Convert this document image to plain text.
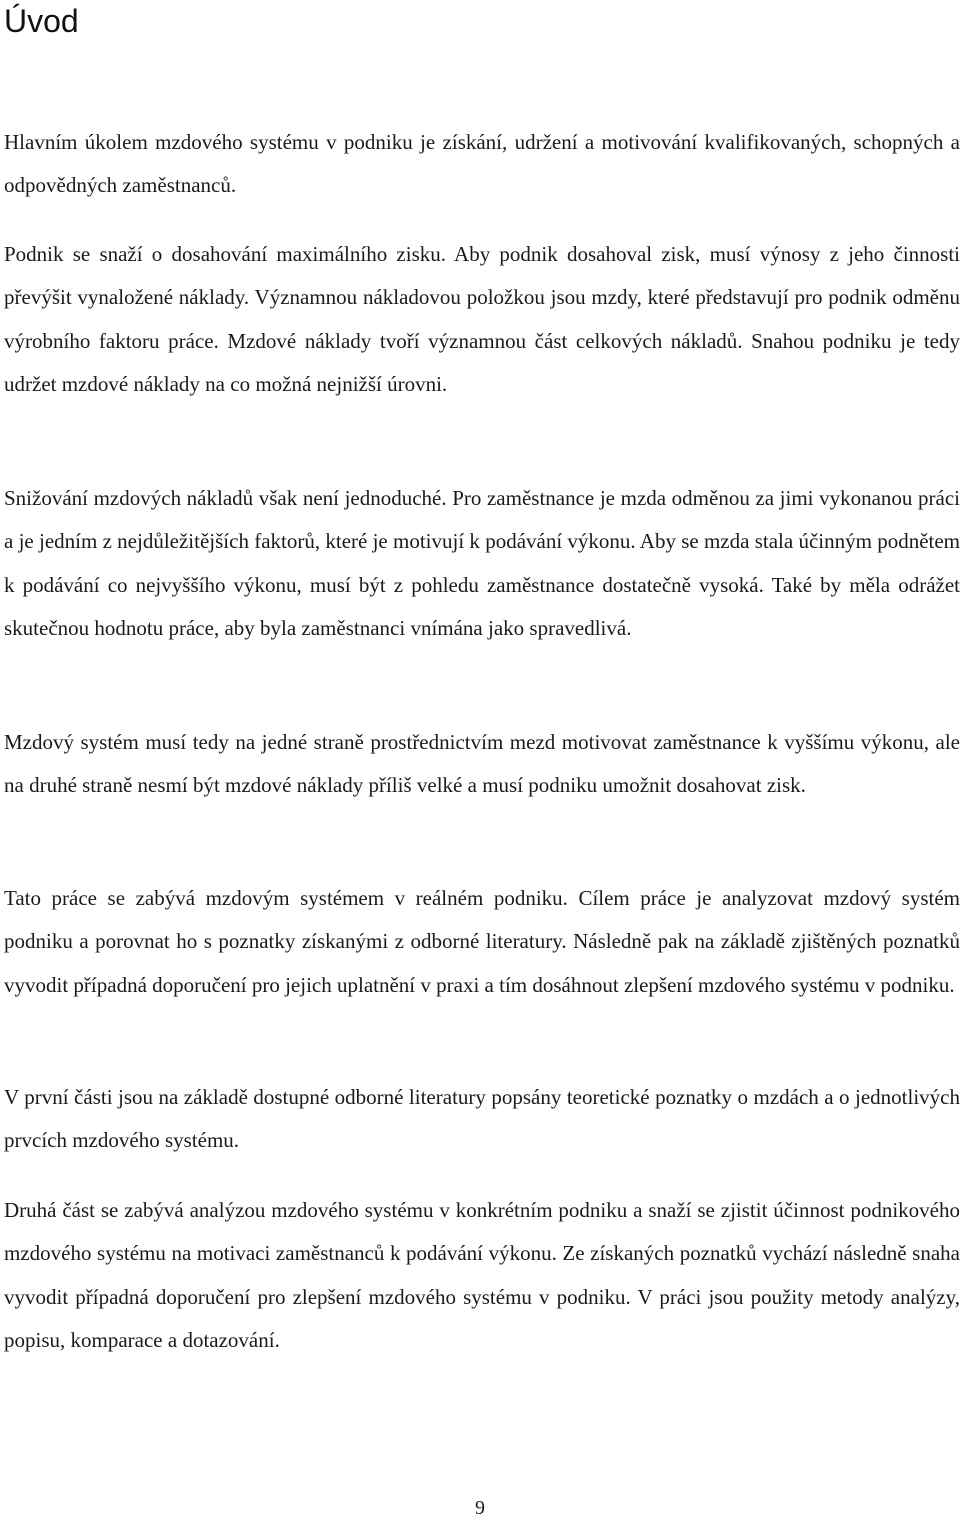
Úvod

Hlavním úkolem mzdového systému v podniku je získání, udržení a motivování kvalifikovaných, schopných a odpovědných zaměstnanců.

Podnik se snaží o dosahování maximálního zisku. Aby podnik dosahoval zisk, musí výnosy z jeho činnosti převýšit vynaložené náklady. Významnou nákladovou položkou jsou mzdy, které představují pro podnik odměnu výrobního faktoru práce. Mzdové náklady tvoří významnou část celkových nákladů. Snahou podniku je tedy udržet mzdové náklady na co možná nejnižší úrovni.

Snižování mzdových nákladů však není jednoduché. Pro zaměstnance je mzda odměnou za jimi vykonanou práci a je jedním z nejdůležitějších faktorů, které je motivují k podávání výkonu. Aby se mzda stala účinným podnětem k podávání co nejvyššího výkonu, musí být z pohledu zaměstnance dostatečně vysoká. Také by měla odrážet skutečnou hodnotu práce, aby byla zaměstnanci vnímána jako spravedlivá.

Mzdový systém musí tedy na jedné straně prostřednictvím mezd motivovat zaměstnance k vyššímu výkonu, ale na druhé straně nesmí být mzdové náklady příliš velké a musí podniku umožnit dosahovat zisk.

Tato práce se zabývá mzdovým systémem v reálném podniku. Cílem práce je analyzovat mzdový systém podniku a porovnat ho s poznatky získanými z odborné literatury. Následně pak na základě zjištěných poznatků vyvodit případná doporučení pro jejich uplatnění v praxi a tím dosáhnout zlepšení mzdového systému v podniku.

V první části jsou na základě dostupné odborné literatury popsány teoretické poznatky o mzdách a o jednotlivých prvcích mzdového systému.

Druhá část se zabývá analýzou mzdového systému v konkrétním podniku a snaží se zjistit účinnost podnikového mzdového systému na motivaci zaměstnanců k podávání výkonu. Ze získaných poznatků vychází následně snaha vyvodit případná doporučení pro zlepšení mzdového systému v podniku. V práci jsou použity metody analýzy, popisu, komparace a dotazování.

9
